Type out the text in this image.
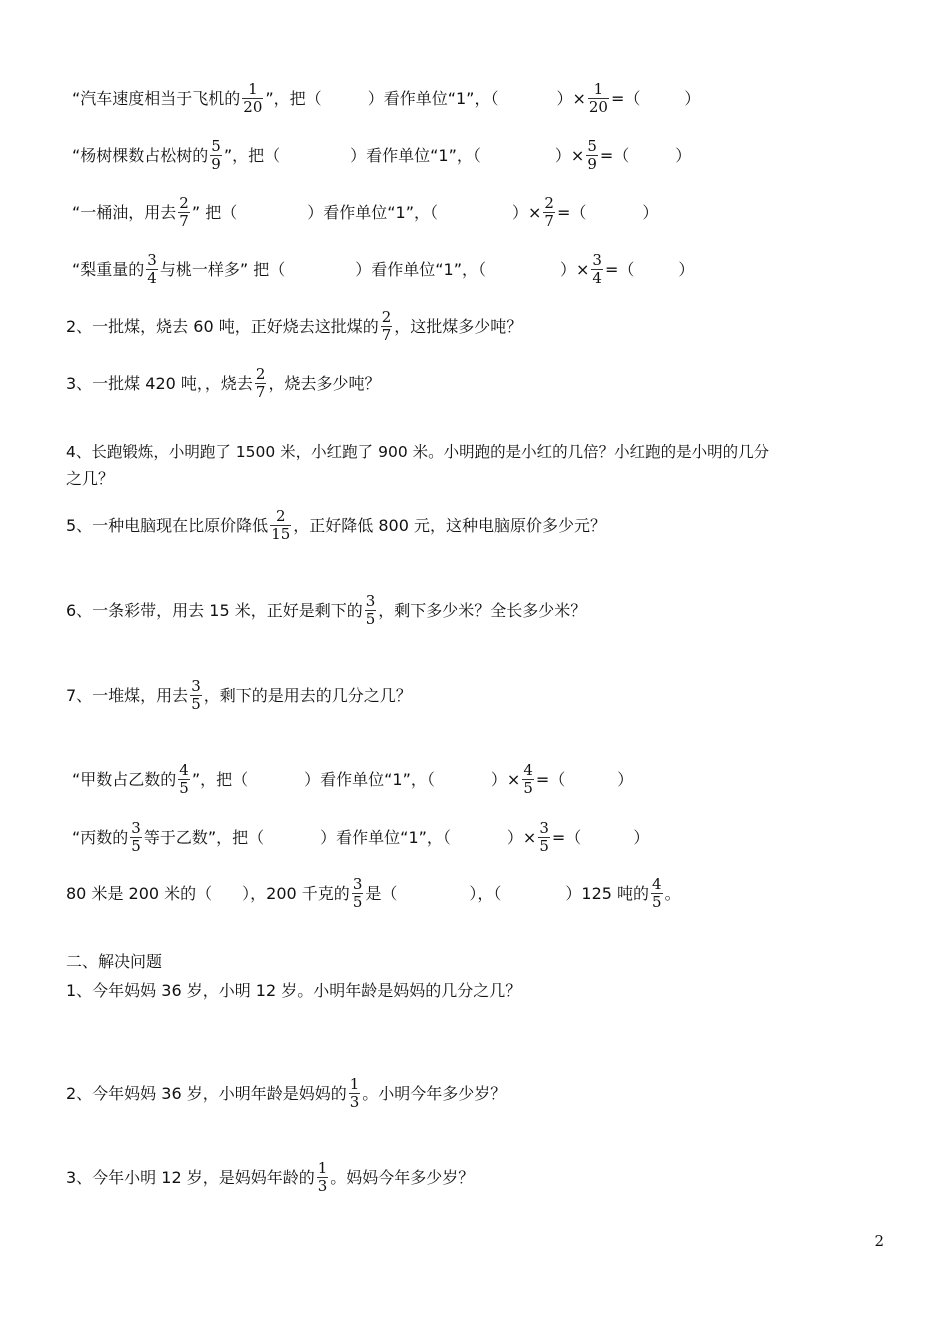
“汽车速度相当于飞机的 $\frac{1}{20}$ ”，把（	）看作单位“1”，（	）× $\frac{1}{20}$ =（	）
“杨树棵数占松树的 $\frac{5}{9}$ ”，把（	）看作单位“1”，（	）× $\frac{5}{9}$ =（	）
“一桶油，用去 $\frac{2}{7}$ ” 把（	）看作单位“1”，（	）× $\frac{2}{7}$ =（	）
“梨重量的 $\frac{3}{4}$ 与桃一样多” 把（	）看作单位“1”，（	）× $\frac{3}{4}$ =（	）
2、一批煤，烧去 60 吨，正好烧去这批煤的 $\frac{2}{7}$ ，这批煤多少吨？
3、一批煤 420 吨，，烧去 $\frac{2}{7}$ ，烧去多少吨？
4、长跑锻炼，小明跑了 1500 米，小红跑了 900 米。小明跑的是小红的几倍？小红跑的是小明的几分
之几？
5、一种电脑现在比原价降低 $\frac{2}{15}$ ，正好降低 800 元，这种电脑原价多少元？
6、一条彩带，用去 15 米，正好是剩下的 $\frac{3}{5}$ ，剩下多少米？全长多少米？
7、一堆煤，用去 $\frac{3}{5}$ ，剩下的是用去的几分之几？
“甲数占乙数的 $\frac{4}{5}$ ”，把（	）看作单位“1”，（	）× $\frac{4}{5}$ =（	）
“丙数的 $\frac{3}{5}$ 等于乙数”，把（	）看作单位“1”，（	）× $\frac{3}{5}$ =（	）
80 米是 200 米的（ ），200 千克的 $\frac{3}{5}$ 是（	），（	）125 吨的 $\frac{4}{5}$ 。
二、解决问题
1、今年妈妈 36 岁，小明 12 岁。小明年龄是妈妈的几分之几？
2、今年妈妈 36 岁，小明年龄是妈妈的 $\frac{1}{3}$ 。小明今年多少岁？
3、今年小明 12 岁，是妈妈年龄的 $\frac{1}{3}$ 。妈妈今年多少岁？
2
